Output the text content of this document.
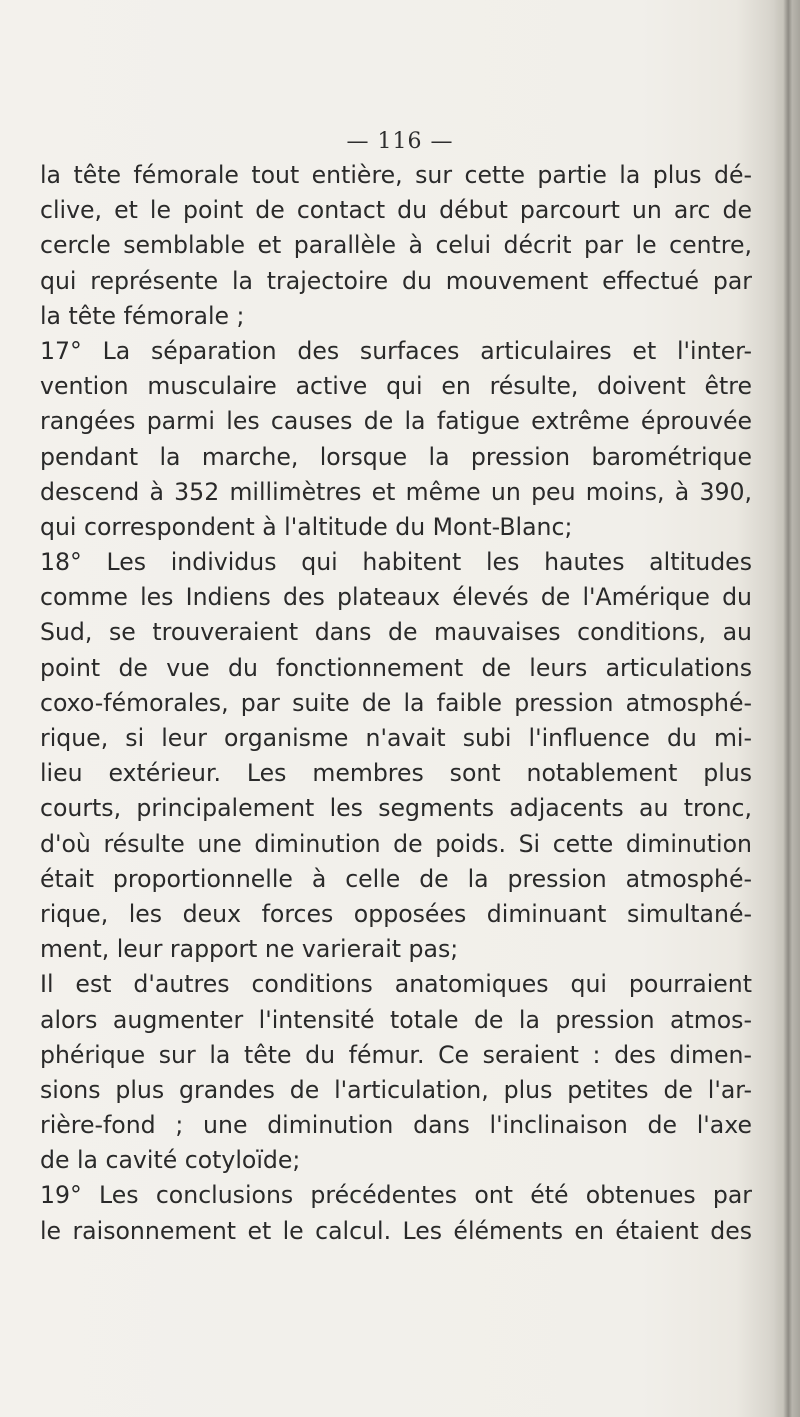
— 116 —
la tête fémorale tout entière, sur cette partie la plus dé-
clive, et le point de contact du début parcourt un arc de
cercle semblable et parallèle à celui décrit par le centre,
qui représente la trajectoire du mouvement effectué par
la tête fémorale ;
17° La séparation des surfaces articulaires et l'inter-
vention musculaire active qui en résulte, doivent être
rangées parmi les causes de la fatigue extrême éprouvée
pendant la marche, lorsque la pression barométrique
descend à 352 millimètres et même un peu moins, à 390,
qui correspondent à l'altitude du Mont-Blanc;
18° Les individus qui habitent les hautes altitudes
comme les Indiens des plateaux élevés de l'Amérique du
Sud, se trouveraient dans de mauvaises conditions, au
point de vue du fonctionnement de leurs articulations
coxo-fémorales, par suite de la faible pression atmosphé-
rique, si leur organisme n'avait subi l'influence du mi-
lieu extérieur. Les membres sont notablement plus
courts, principalement les segments adjacents au tronc,
d'où résulte une diminution de poids. Si cette diminution
était proportionnelle à celle de la pression atmosphé-
rique, les deux forces opposées diminuant simultané-
ment, leur rapport ne varierait pas;
Il est d'autres conditions anatomiques qui pourraient
alors augmenter l'intensité totale de la pression atmos-
phérique sur la tête du fémur. Ce seraient : des dimen-
sions plus grandes de l'articulation, plus petites de l'ar-
rière-fond ; une diminution dans l'inclinaison de l'axe
de la cavité cotyloïde;
19° Les conclusions précédentes ont été obtenues par
le raisonnement et le calcul. Les éléments en étaient des
